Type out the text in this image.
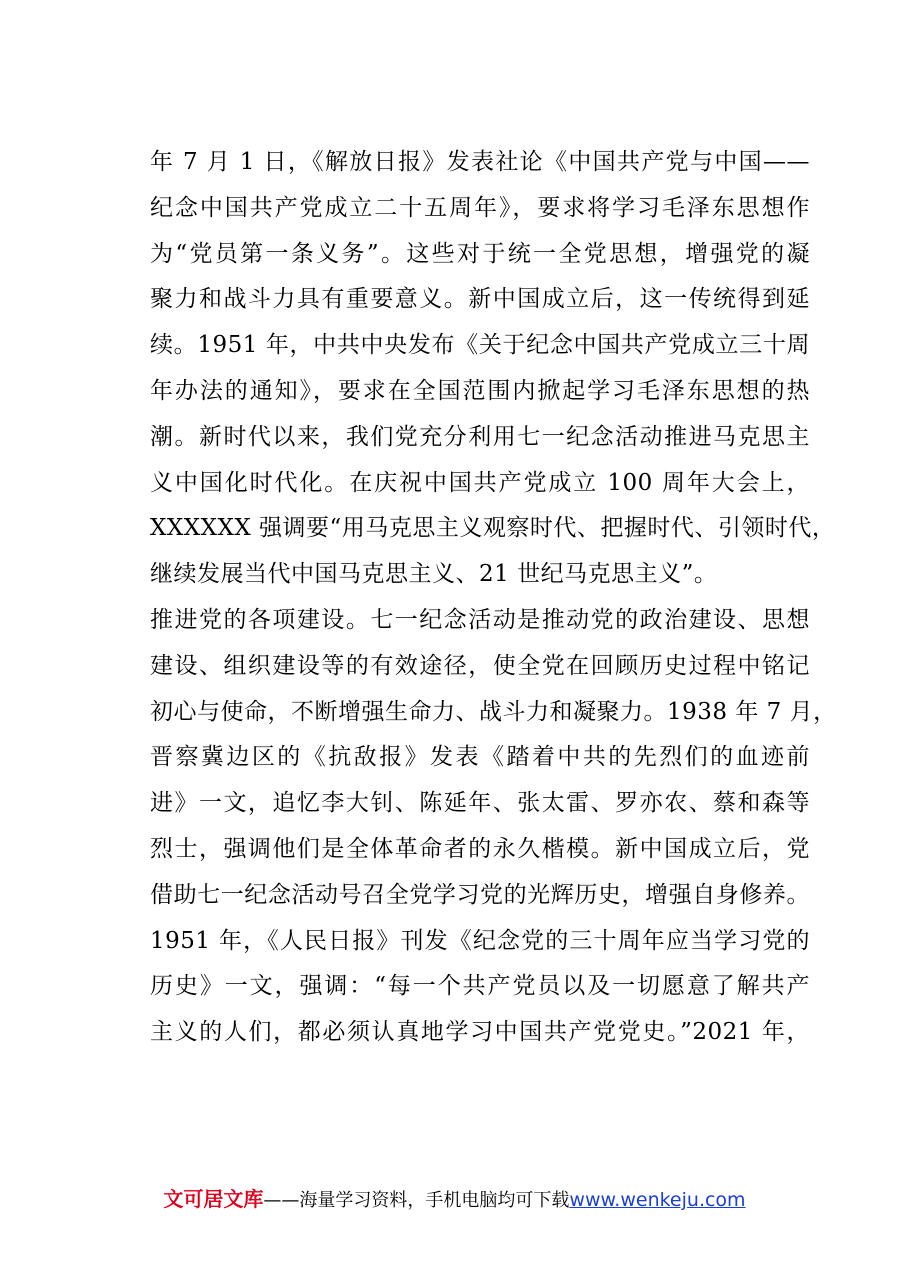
年 7 月 1 日，《解放日报》发表社论《中国共产党与中国——
纪念中国共产党成立二十五周年》，要求将学习毛泽东思想作
为“党员第一条义务”。这些对于统一全党思想，增强党的凝
聚力和战斗力具有重要意义。新中国成立后，这一传统得到延
续。1951 年，中共中央发布《关于纪念中国共产党成立三十周
年办法的通知》，要求在全国范围内掀起学习毛泽东思想的热
潮。新时代以来，我们党充分利用七一纪念活动推进马克思主
义中国化时代化。在庆祝中国共产党成立 100 周年大会上，
XXXXXX 强调要“用马克思主义观察时代、把握时代、引领时代，
继续发展当代中国马克思主义、21 世纪马克思主义”。
推进党的各项建设。七一纪念活动是推动党的政治建设、思想
建设、组织建设等的有效途径，使全党在回顾历史过程中铭记
初心与使命，不断增强生命力、战斗力和凝聚力。1938 年 7 月，
晋察冀边区的《抗敌报》发表《踏着中共的先烈们的血迹前
进》一文，追忆李大钊、陈延年、张太雷、罗亦农、蔡和森等
烈士，强调他们是全体革命者的永久楷模。新中国成立后，党
借助七一纪念活动号召全党学习党的光辉历史，增强自身修养。
1951 年，《人民日报》刊发《纪念党的三十周年应当学习党的
历史》一文，强调：“每一个共产党员以及一切愿意了解共产
主义的人们，都必须认真地学习中国共产党党史。”2021 年，
文可居文库——海量学习资料，手机电脑均可下载www.wenkeju.com
